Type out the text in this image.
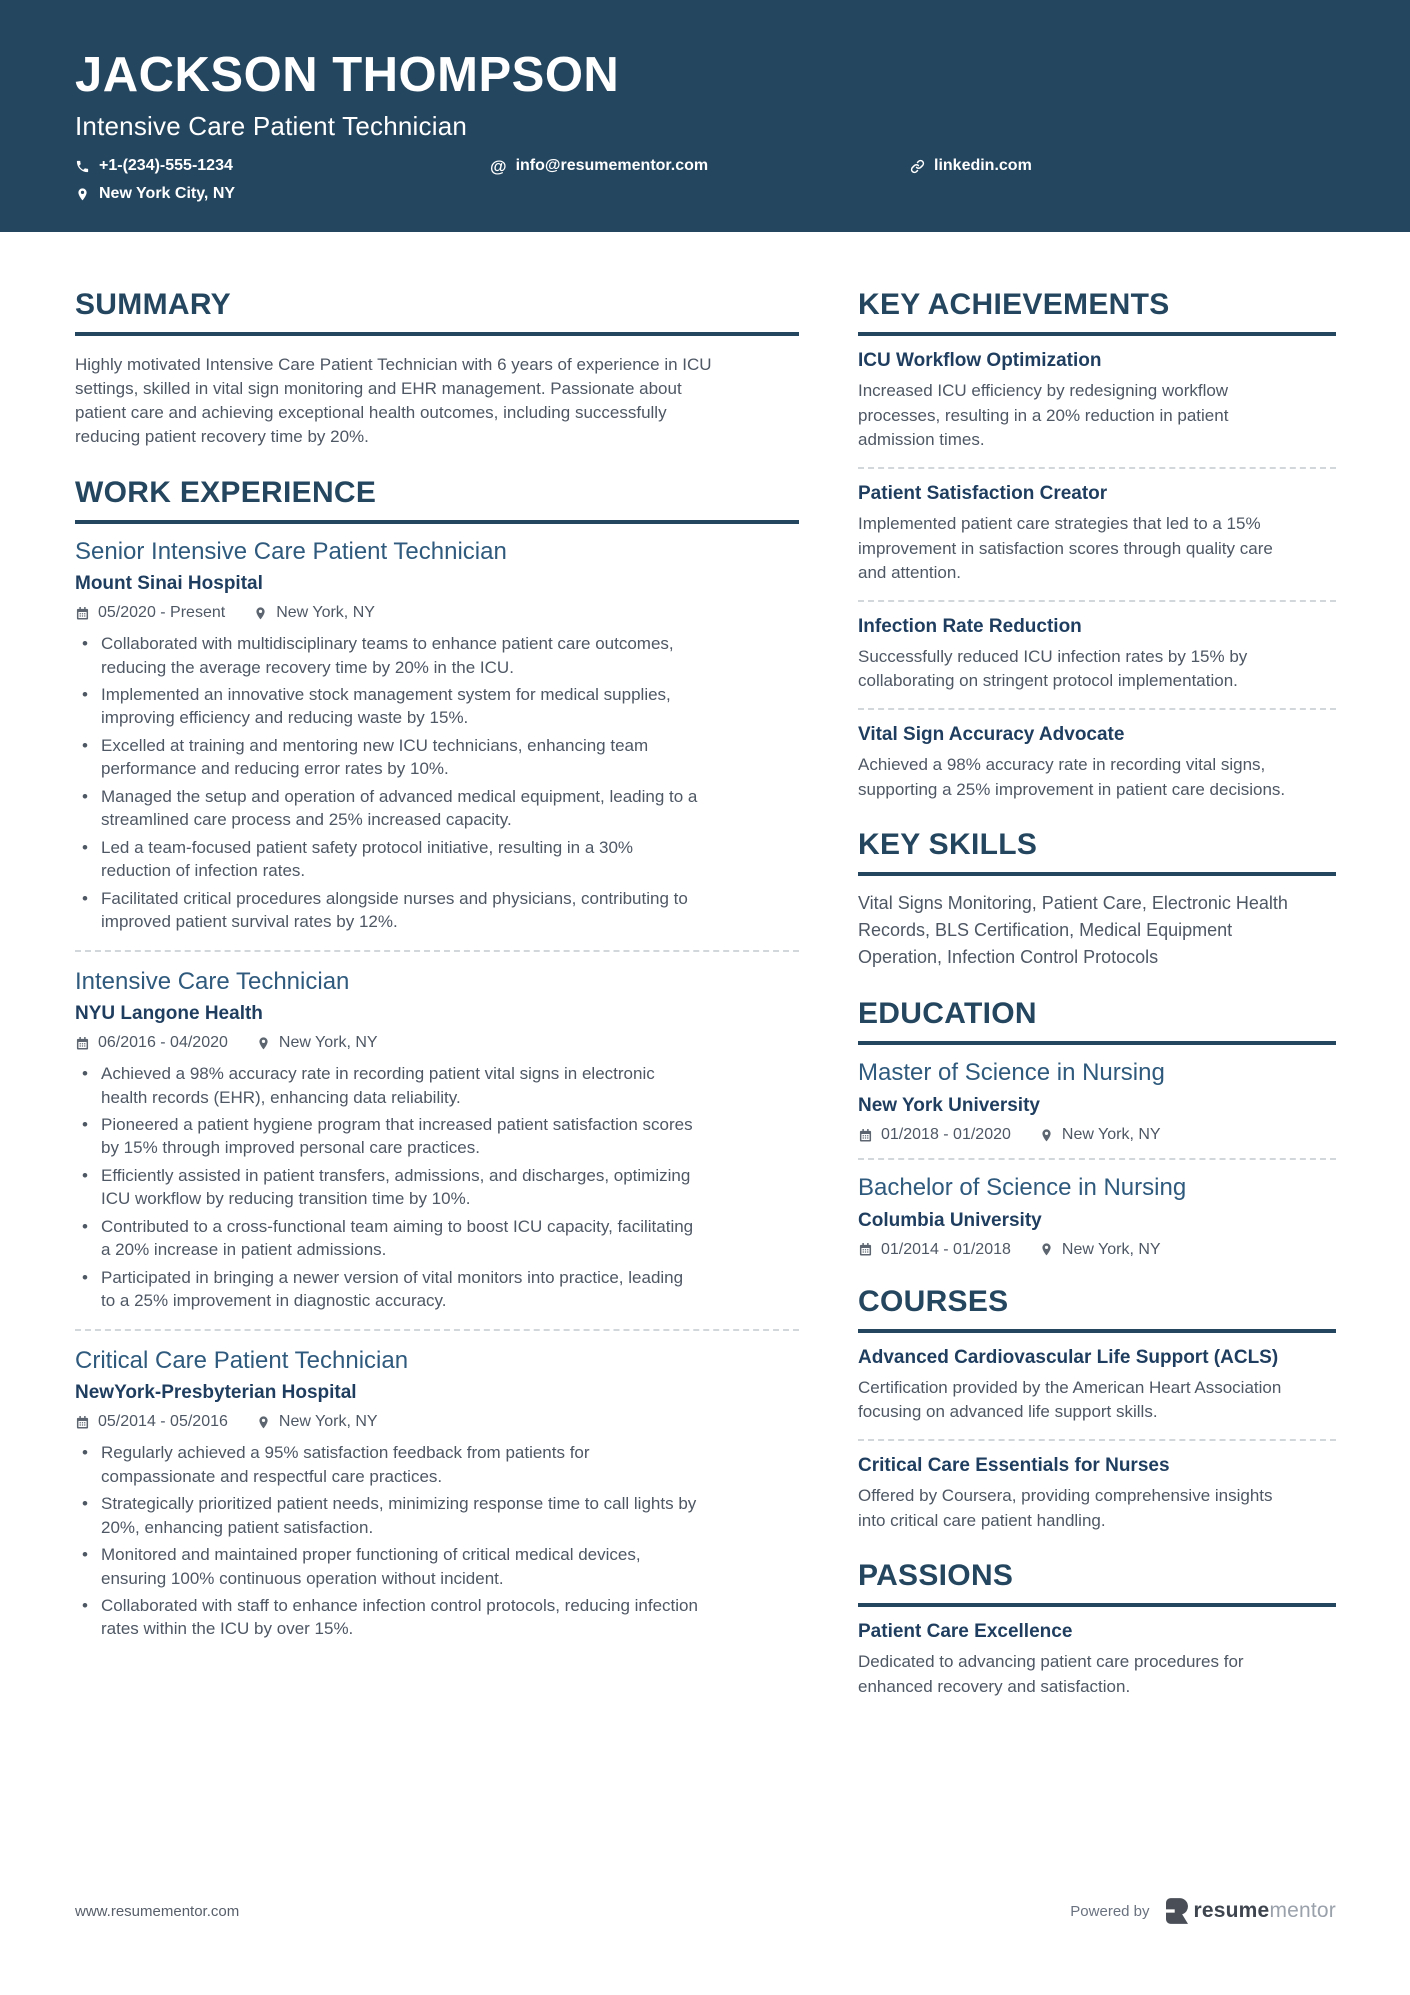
JACKSON THOMPSON
Intensive Care Patient Technician
+1-(234)-555-1234	@ info@resumementor.com	linkedin.com
New York City, NY
SUMMARY

Highly motivated Intensive Care Patient Technician with 6 years of experience in ICU settings, skilled in vital sign monitoring and EHR management. Passionate about patient care and achieving exceptional health outcomes, including successfully reducing patient recovery time by 20%.

WORK EXPERIENCE
Senior Intensive Care Patient Technician
Mount Sinai Hospital
05/2020 - Present	New York, NY
• Collaborated with multidisciplinary teams to enhance patient care outcomes, reducing the average recovery time by 20% in the ICU.
• Implemented an innovative stock management system for medical supplies, improving efficiency and reducing waste by 15%.
• Excelled at training and mentoring new ICU technicians, enhancing team performance and reducing error rates by 10%.
• Managed the setup and operation of advanced medical equipment, leading to a streamlined care process and 25% increased capacity.
• Led a team-focused patient safety protocol initiative, resulting in a 30% reduction of infection rates.
• Facilitated critical procedures alongside nurses and physicians, contributing to improved patient survival rates by 12%.
Intensive Care Technician
NYU Langone Health
06/2016 - 04/2020	New York, NY
• Achieved a 98% accuracy rate in recording patient vital signs in electronic health records (EHR), enhancing data reliability.
• Pioneered a patient hygiene program that increased patient satisfaction scores by 15% through improved personal care practices.
• Efficiently assisted in patient transfers, admissions, and discharges, optimizing ICU workflow by reducing transition time by 10%.
• Contributed to a cross-functional team aiming to boost ICU capacity, facilitating a 20% increase in patient admissions.
• Participated in bringing a newer version of vital monitors into practice, leading to a 25% improvement in diagnostic accuracy.
Critical Care Patient Technician
NewYork-Presbyterian Hospital
05/2014 - 05/2016	New York, NY
• Regularly achieved a 95% satisfaction feedback from patients for compassionate and respectful care practices.
• Strategically prioritized patient needs, minimizing response time to call lights by 20%, enhancing patient satisfaction.
• Monitored and maintained proper functioning of critical medical devices, ensuring 100% continuous operation without incident.
• Collaborated with staff to enhance infection control protocols, reducing infection rates within the ICU by over 15%.
KEY ACHIEVEMENTS
ICU Workflow Optimization

Increased ICU efficiency by redesigning workflow processes, resulting in a 20% reduction in patient admission times.

Patient Satisfaction Creator

Implemented patient care strategies that led to a 15% improvement in satisfaction scores through quality care and attention.

Infection Rate Reduction

Successfully reduced ICU infection rates by 15% by collaborating on stringent protocol implementation.

Vital Sign Accuracy Advocate

Achieved a 98% accuracy rate in recording vital signs, supporting a 25% improvement in patient care decisions.

KEY SKILLS

Vital Signs Monitoring, Patient Care, Electronic Health Records, BLS Certification, Medical Equipment Operation, Infection Control Protocols

EDUCATION
Master of Science in Nursing
New York University
01/2018 - 01/2020	New York, NY
Bachelor of Science in Nursing
Columbia University
01/2014 - 01/2018	New York, NY
COURSES
Advanced Cardiovascular Life Support (ACLS)

Certification provided by the American Heart Association focusing on advanced life support skills.

Critical Care Essentials for Nurses

Offered by Coursera, providing comprehensive insights into critical care patient handling.

PASSIONS
Patient Care Excellence

Dedicated to advancing patient care procedures for enhanced recovery and satisfaction.

www.resumementor.com	Powered by resumementor
